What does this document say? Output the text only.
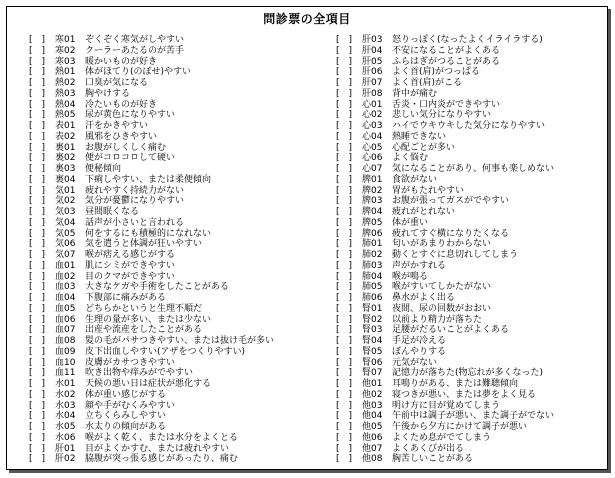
問診票の全項目
[　]	寒01	ぞくぞく寒気がしやすい
[　]	寒02	クーラーあたるのが苦手
[　]	寒03	暖かいものが好き
[　]	熱01	体がほてり(のぼせ)やすい
[　]	熱02	口臭が気になる
[　]	熱03	胸やけする
[　]	熱04	冷たいものが好き
[　]	熱05	尿が黄色になりやすい
[　]	表01	汗をかきやすい
[　]	表02	風邪をひきやすい
[　]	裏01	お腹がしくしく痛む
[　]	裏02	便がコロコロして硬い
[　]	裏03	便秘傾向
[　]	裏04	下痢しやすい、または柔便傾向
[　]	気01	疲れやすく持続力がない
[　]	気02	気分が憂鬱になりやすい
[　]	気03	昼間眠くなる
[　]	気04	話声が小さいと言われる
[　]	気05	何をするにも積極的になれない
[　]	気06	気を遣うと体調が狂いやすい
[　]	気07	喉が痞える感じがする
[　]	血01	肌にシミができやすい
[　]	血02	目のクマができやすい
[　]	血03	大きなケガや手術をしたことがある
[　]	血04	下腹部に痛みがある
[　]	血05	どちらかというと生理不順だ
[　]	血06	生理の量が多い、または少ない
[　]	血07	出産や流産をしたことがある
[　]	血08	髪の毛がパサつきやすい、または抜け毛が多い
[　]	血09	皮下出血しやすい(アザをつくりやすい)
[　]	血10	皮膚がカサつきやすい
[　]	血11	吹き出物や痒みがでやすい
[　]	水01	天候の悪い日は症状が悪化する
[　]	水02	体が重い感じがする
[　]	水03	顔や手がむくみやすい
[　]	水04	立ちくらみしやすい
[　]	水05	水太りの傾向がある
[　]	水06	喉がよく乾く、または水分をよくとる
[　]	肝01	目がよくかすむ、または疲れやすい
[　]	肝02	脇腹が突っ張る感じがあったり、痛む
[　]	肝03	怒りっぽく(なったよくイライラする)
[　]	肝04	不安になることがよくある
[　]	肝05	ふらはぎがつることがある
[　]	肝06	よく首(肩)がつっぱる
[　]	肝07	よく首(肩)がこる
[　]	肝08	背中が痛む
[　]	心01	舌炎・口内炎ができやすい
[　]	心02	悲しい気分になりやすい
[　]	心03	ハイでウキウキした気分になりやすい
[　]	心04	熱睡できない
[　]	心05	心配ごとが多い
[　]	心06	よく悩む
[　]	心07	気になることがあり、何事も楽しめない
[　]	脾01	食欲がない
[　]	脾02	胃がもたれやすい
[　]	脾03	お腹が張ってガスがでやすい
[　]	脾04	疲れがとれない
[　]	脾05	体が重い
[　]	脾06	疲れてすぐ横になりたくなる
[　]	肺01	匂いがあまりわからない
[　]	肺02	動くとすぐに息切れしてしまう
[　]	肺03	声がかすれる
[　]	肺04	喉が鳴る
[　]	肺05	喉がすいてしかたがない
[　]	肺06	鼻水がよく出る
[　]	腎01	夜間、尿の回数がおおい
[　]	腎02	以前より精力が落ちた
[　]	腎03	足腰がだるいことがよくある
[　]	腎04	手足が冷える
[　]	腎05	ぼんやりする
[　]	腎06	元気がない
[　]	腎07	記憶力が落ちた(物忘れが多くなった)
[　]	他01	耳鳴りがある、または難聴傾向
[　]	他02	寝つきが悪い、または夢をよく見る
[　]	他03	明け方に目が覚めてしまう
[　]	他04	午前中は調子が悪い、また調子がでない
[　]	他05	午後から夕方にかけて調子が悪い
[　]	他06	よくため息がでてしまう
[　]	他07	よくあくびが出る
[　]	他08	胸苦しいことがある
